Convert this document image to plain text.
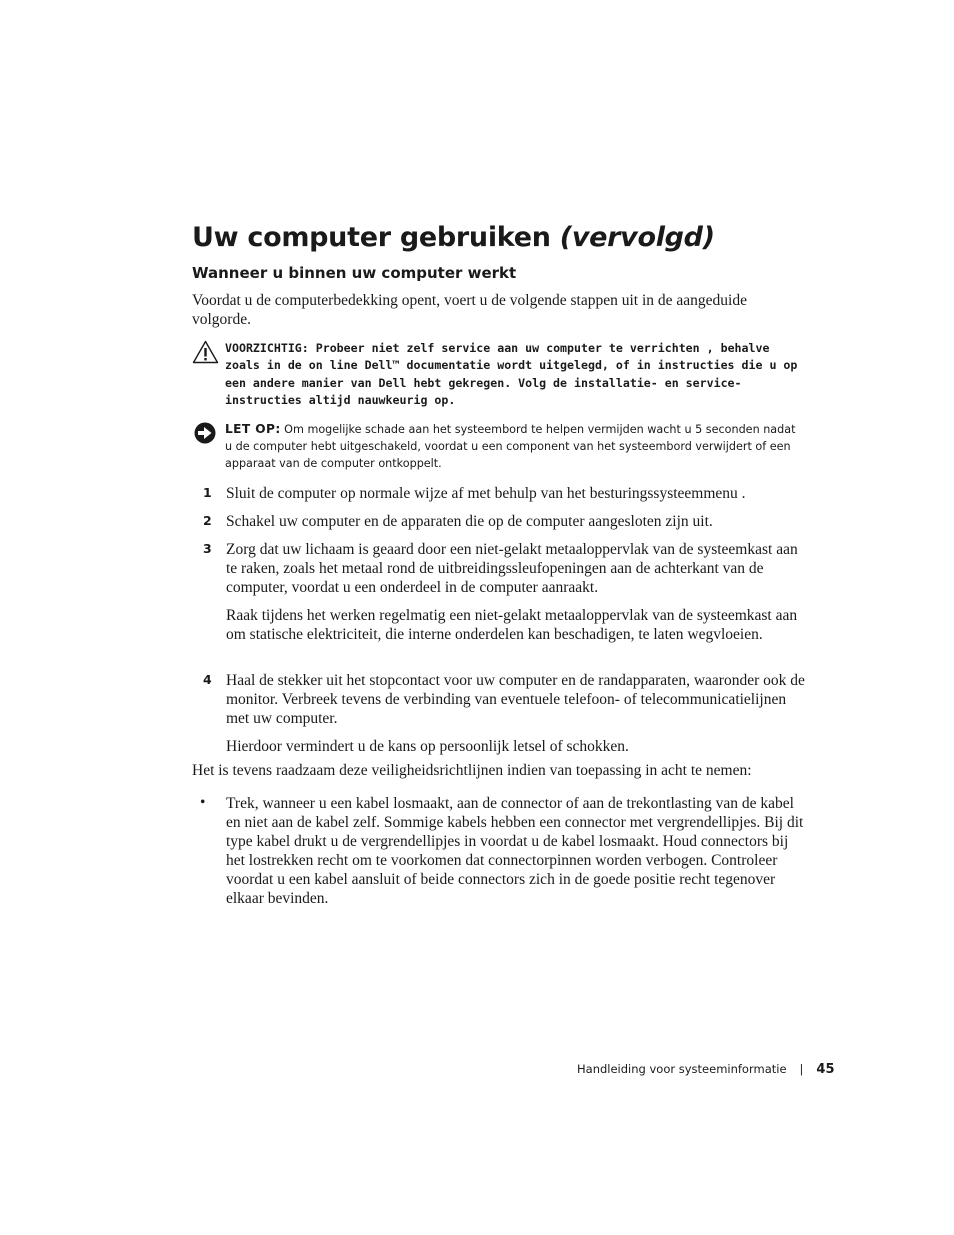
Uw computer gebruiken (vervolgd)
Wanneer u binnen uw computer werkt

Voordat u de computerbedekking opent, voert u de volgende stappen uit in de aangeduide volgorde.

VOORZICHTIG: Probeer niet zelf service aan uw computer te verrichten , behalve zoals in de on line Dell™ documentatie wordt uitgelegd, of in instructies die u op een andere manier van Dell hebt gekregen. Volg de installatie- en service-instructies altijd nauwkeurig op.

LET OP: Om mogelijke schade aan het systeembord te helpen vermijden wacht u 5 seconden nadat u de computer hebt uitgeschakeld, voordat u een component van het systeembord verwijdert of een apparaat van de computer ontkoppelt.

1 Sluit de computer op normale wijze af met behulp van het besturingssysteemmenu .

2 Schakel uw computer en de apparaten die op de computer aangesloten zijn uit.

3 Zorg dat uw lichaam is geaard door een niet-gelakt metaaloppervlak van de systeemkast aan te raken, zoals het metaal rond de uitbreidingssleufopeningen aan de achterkant van de computer, voordat u een onderdeel in de computer aanraakt.

Raak tijdens het werken regelmatig een niet-gelakt metaaloppervlak van de systeemkast aan om statische elektriciteit, die interne onderdelen kan beschadigen, te laten wegvloeien.

4 Haal de stekker uit het stopcontact voor uw computer en de randapparaten, waaronder ook de monitor. Verbreek tevens de verbinding van eventuele telefoon- of telecommunicatielijnen met uw computer.

Hierdoor vermindert u de kans op persoonlijk letsel of schokken.

Het is tevens raadzaam deze veiligheidsrichtlijnen indien van toepassing in acht te nemen:

• Trek, wanneer u een kabel losmaakt, aan de connector of aan de trekontlasting van de kabel en niet aan de kabel zelf. Sommige kabels hebben een connector met vergrendellipjes. Bij dit type kabel drukt u de vergrendellipjes in voordat u de kabel losmaakt. Houd connectors bij het lostrekken recht om te voorkomen dat connectorpinnen worden verbogen. Controleer voordat u een kabel aansluit of beide connectors zich in de goede positie recht tegenover elkaar bevinden.

Handleiding voor systeeminformatie | 45
